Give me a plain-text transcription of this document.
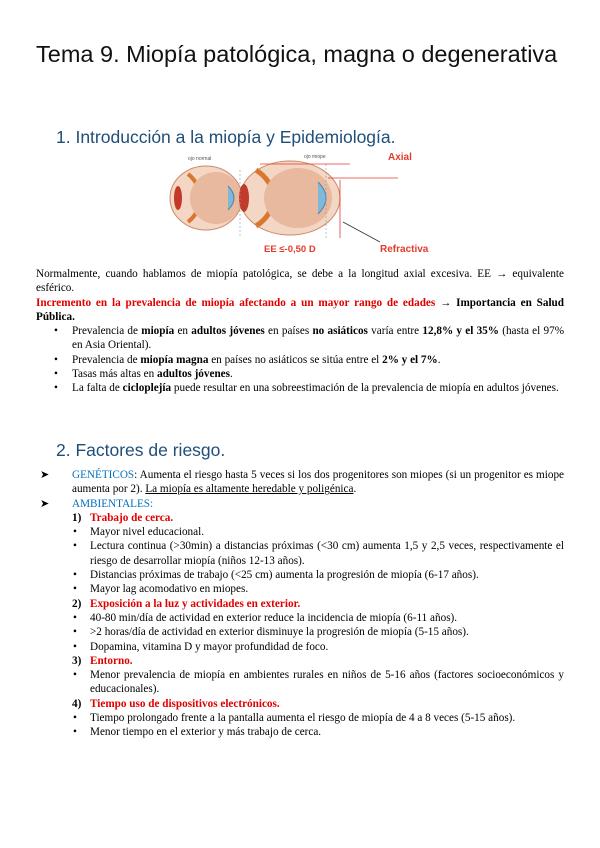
Tema 9. Miopía patológica, magna o degenerativa
1. Introducción a la miopía y Epidemiología.
ojo normal	ojo miope	Axial
EE ≤-0,50 D	Refractiva

Normalmente, cuando hablamos de miopía patológica, se debe a la longitud axial excesiva. EE → equivalente esférico.

Incremento en la prevalencia de miopía afectando a un mayor rango de edades → Importancia en Salud Pública.

• Prevalencia de miopía en adultos jóvenes en países no asiáticos varía entre 12,8% y el 35% (hasta el 97% en Asia Oriental).
• Prevalencia de miopía magna en países no asiáticos se sitúa entre el 2% y el 7%.
• Tasas más altas en adultos jóvenes.
• La falta de cicloplejía puede resultar en una sobreestimación de la prevalencia de miopía en adultos jóvenes.
2. Factores de riesgo.
➤ GENÉTICOS: Aumenta el riesgo hasta 5 veces si los dos progenitores son miopes (si un progenitor es miope aumenta por 2). La miopía es altamente heredable y poligénica.
➤ AMBIENTALES:
1) Trabajo de cerca.
• Mayor nivel educacional.
• Lectura continua (>30min) a distancias próximas (<30 cm) aumenta 1,5 y 2,5 veces, respectivamente el riesgo de desarrollar miopía (niños 12-13 años).
• Distancias próximas de trabajo (<25 cm) aumenta la progresión de miopía (6-17 años).
• Mayor lag acomodativo en miopes.
2) Exposición a la luz y actividades en exterior.
• 40-80 min/día de actividad en exterior reduce la incidencia de miopía (6-11 años).
• >2 horas/día de actividad en exterior disminuye la progresión de miopía (5-15 años).
• Dopamina, vitamina D y mayor profundidad de foco.
3) Entorno.
• Menor prevalencia de miopía en ambientes rurales en niños de 5-16 años (factores socioeconómicos y educacionales).
4) Tiempo uso de dispositivos electrónicos.
• Tiempo prolongado frente a la pantalla aumenta el riesgo de miopía de 4 a 8 veces (5-15 años).
• Menor tiempo en el exterior y más trabajo de cerca.
